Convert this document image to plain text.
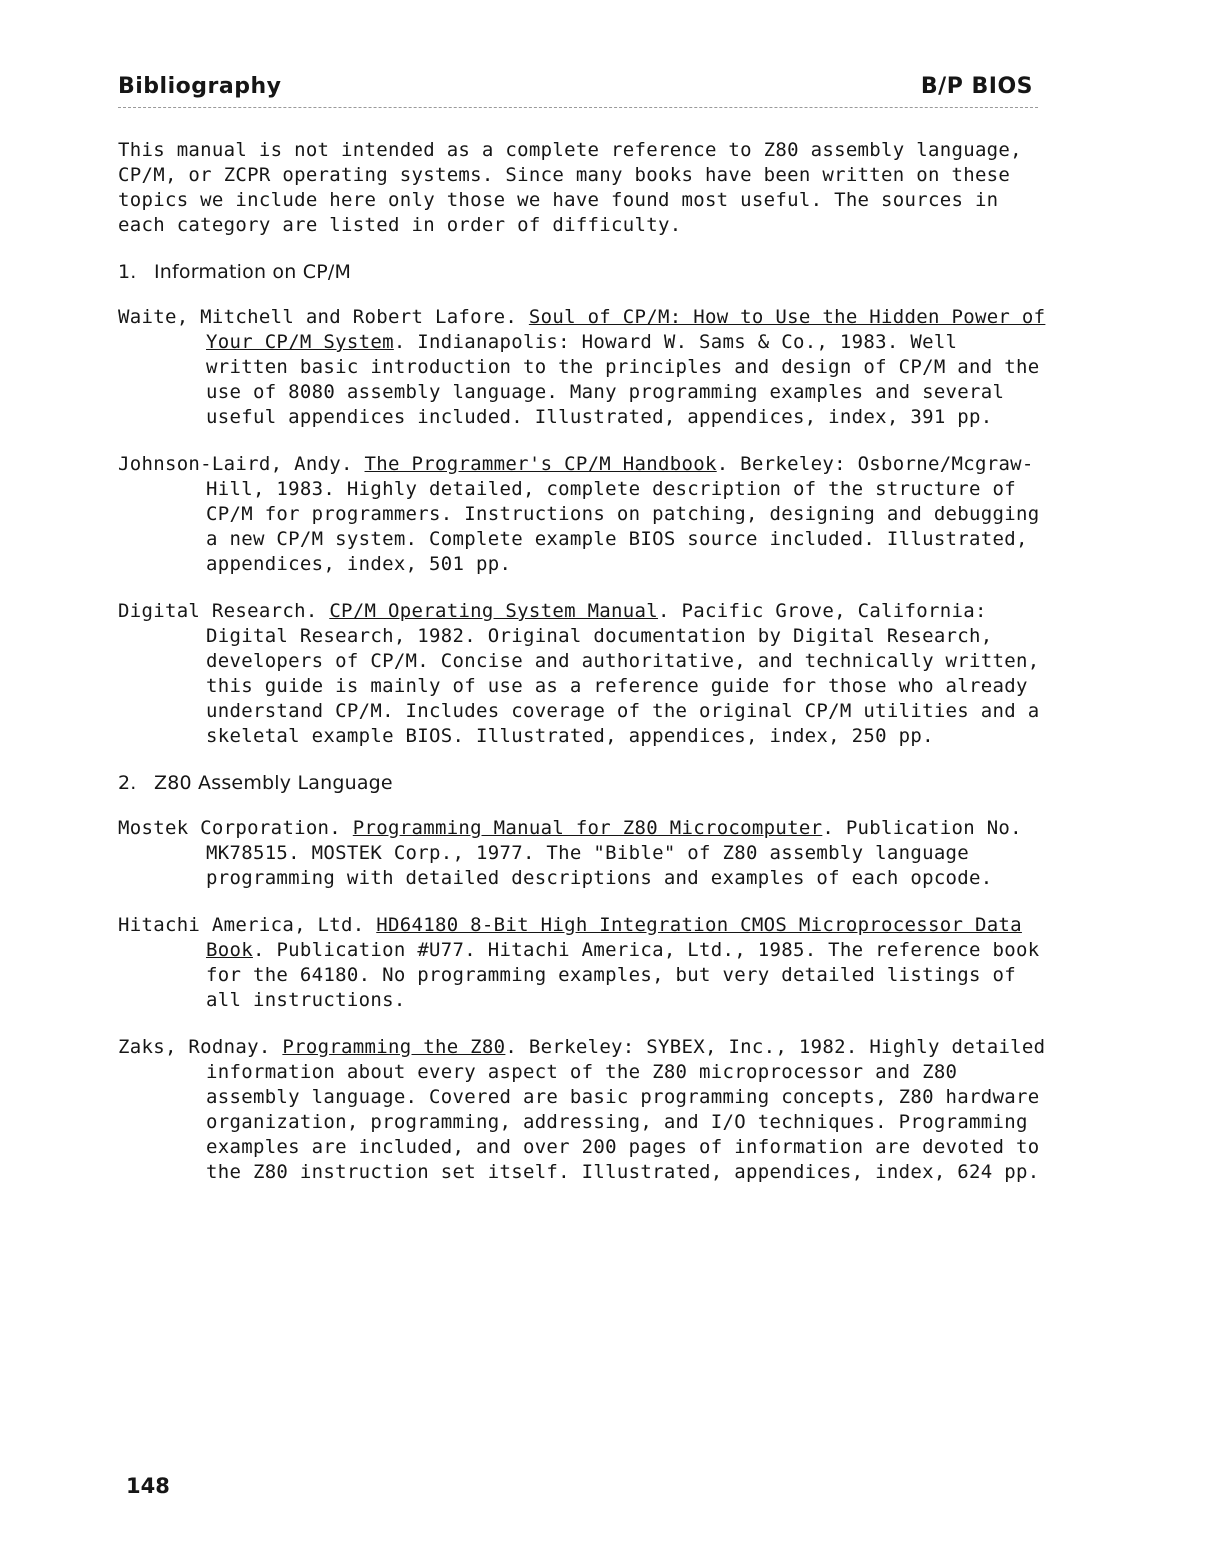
Bibliography	B/P BIOS

This manual is not intended as a complete reference to Z80 assembly language, CP/M, or ZCPR operating systems. Since many books have been written on these topics we include here only those we have found most useful. The sources in each category are listed in order of difficulty.

1. Information on CP/M

Waite, Mitchell and Robert Lafore. Soul of CP/M: How to Use the Hidden Power of Your CP/M System. Indianapolis: Howard W. Sams & Co., 1983. Well written basic introduction to the principles and design of CP/M and the use of 8080 assembly language. Many programming examples and several useful appendices included. Illustrated, appendices, index, 391 pp.

Johnson-Laird, Andy. The Programmer's CP/M Handbook. Berkeley: Osborne/Mcgraw-Hill, 1983. Highly detailed, complete description of the structure of CP/M for programmers. Instructions on patching, designing and debugging a new CP/M system. Complete example BIOS source included. Illustrated, appendices, index, 501 pp.

Digital Research. CP/M Operating System Manual. Pacific Grove, California: Digital Research, 1982. Original documentation by Digital Research, developers of CP/M. Concise and authoritative, and technically written, this guide is mainly of use as a reference guide for those who already understand CP/M. Includes coverage of the original CP/M utilities and a skeletal example BIOS. Illustrated, appendices, index, 250 pp.

2. Z80 Assembly Language

Mostek Corporation. Programming Manual for Z80 Microcomputer. Publication No. MK78515. MOSTEK Corp., 1977. The "Bible" of Z80 assembly language programming with detailed descriptions and examples of each opcode.

Hitachi America, Ltd. HD64180 8-Bit High Integration CMOS Microprocessor Data Book. Publication #U77. Hitachi America, Ltd., 1985. The reference book for the 64180. No programming examples, but very detailed listings of all instructions.

Zaks, Rodnay. Programming the Z80. Berkeley: SYBEX, Inc., 1982. Highly detailed information about every aspect of the Z80 microprocessor and Z80 assembly language. Covered are basic programming concepts, Z80 hardware organization, programming, addressing, and I/O techniques. Programming examples are included, and over 200 pages of information are devoted to the Z80 instruction set itself. Illustrated, appendices, index, 624 pp.

148
